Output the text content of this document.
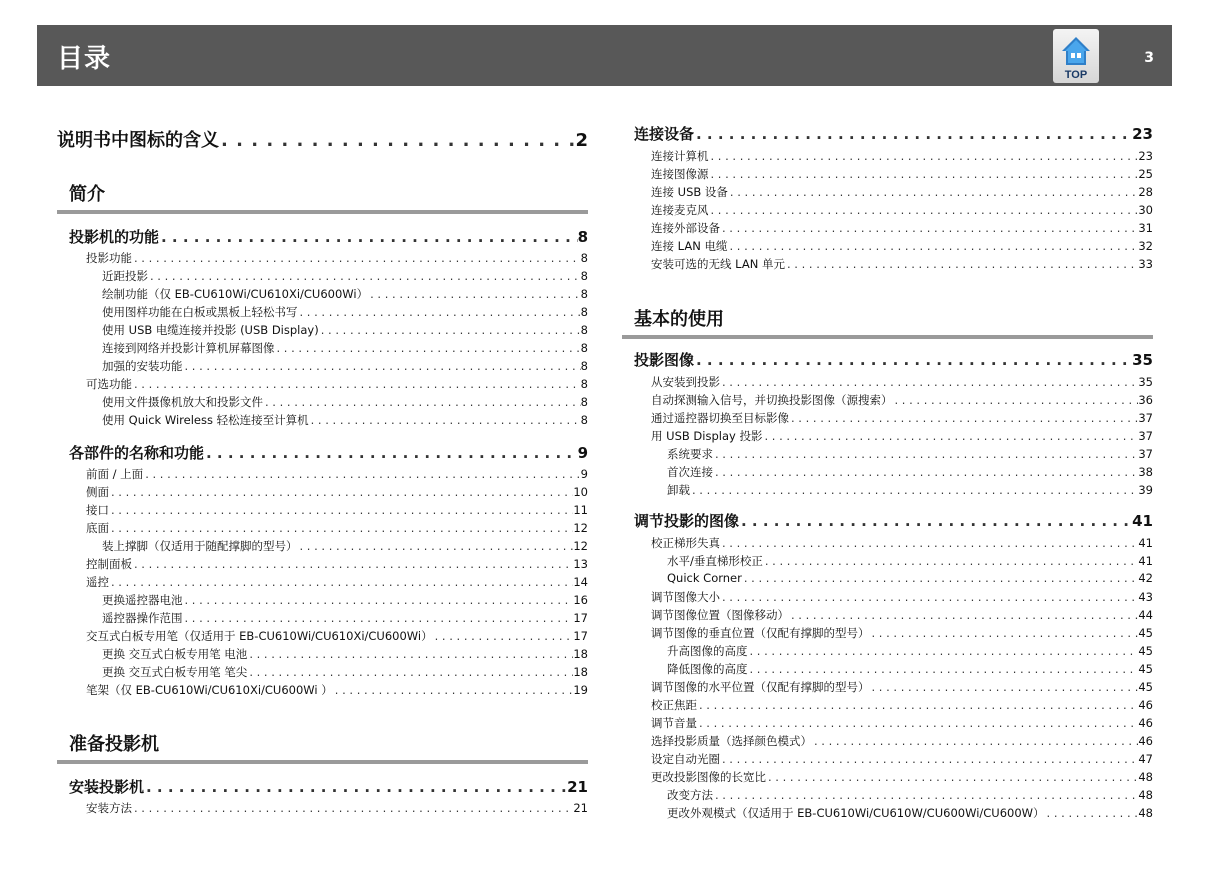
目录
TOP
3
说明书中图标的含义 . . .	2
简介
投影机的功能 . . .	8
投影功能 . . .	8
近距投影 . . .	8
绘制功能（仅 EB-CU610Wi/CU610Xi/CU600Wi） . . .	8
使用图样功能在白板或黑板上轻松书写 . . .	8
使用 USB 电缆连接并投影 (USB Display) . . .	8
连接到网络并投影计算机屏幕图像 . . .	8
加强的安装功能 . . .	8
可选功能 . . .	8
使用文件摄像机放大和投影文件 . . .	8
使用 Quick Wireless 轻松连接至计算机 . . .	8
各部件的名称和功能 . . .	9
前面 / 上面 . . .	9
侧面 . . .	10
接口 . . .	11
底面 . . .	12
装上撑脚（仅适用于随配撑脚的型号） . . .	12
控制面板 . . .	13
遥控 . . .	14
更换遥控器电池 . . .	16
遥控器操作范围 . . .	17
交互式白板专用笔（仅适用于 EB-CU610Wi/CU610Xi/CU600Wi） . . .	17
更换 交互式白板专用笔 电池 . . .	18
更换 交互式白板专用笔 笔尖 . . .	18
笔架（仅 EB-CU610Wi/CU610Xi/CU600Wi ） . . .	19
准备投影机
安装投影机 . . .	21
安装方法 . . .	21
连接设备 . . .	23
连接计算机 . . .	23
连接图像源 . . .	25
连接 USB 设备 . . .	28
连接麦克风 . . .	30
连接外部设备 . . .	31
连接 LAN 电缆 . . .	32
安装可选的无线 LAN 单元 . . .	33
基本的使用
投影图像 . . .	35
从安装到投影 . . .	35
自动探测输入信号，并切换投影图像（源搜索） . . .	36
通过遥控器切换至目标影像 . . .	37
用 USB Display 投影 . . .	37
系统要求 . . .	37
首次连接 . . .	38
卸载 . . .	39
调节投影的图像 . . .	41
校正梯形失真 . . .	41
水平/垂直梯形校正 . . .	41
Quick Corner . . .	42
调节图像大小 . . .	43
调节图像位置（图像移动） . . .	44
调节图像的垂直位置（仅配有撑脚的型号） . . .	45
升高图像的高度 . . .	45
降低图像的高度 . . .	45
调节图像的水平位置（仅配有撑脚的型号） . . .	45
校正焦距 . . .	46
调节音量 . . .	46
选择投影质量（选择颜色模式） . . .	46
设定自动光圈 . . .	47
更改投影图像的长宽比 . . .	48
改变方法 . . .	48
更改外观模式（仅适用于 EB-CU610Wi/CU610W/CU600Wi/CU600W） . . .	48
